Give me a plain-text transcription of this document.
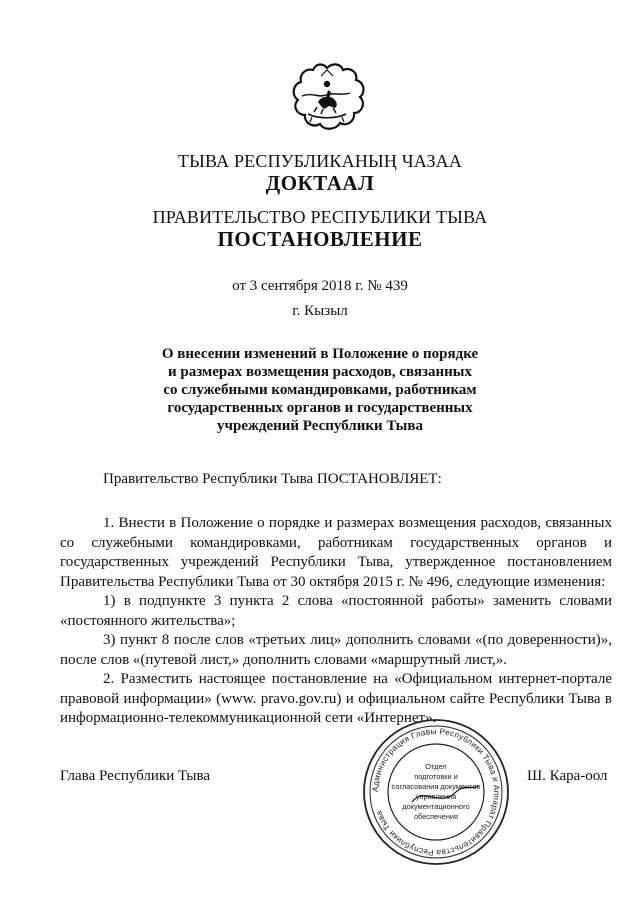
ТЫВА РЕСПУБЛИКАНЫҢ ЧАЗАА
ДОКТААЛ
ПРАВИТЕЛЬСТВО РЕСПУБЛИКИ ТЫВА
ПОСТАНОВЛЕНИЕ
от 3 сентября 2018 г. № 439
г. Кызыл
О внесении изменений в Положение о порядке
и размерах возмещения расходов, связанных
со служебными командировками, работникам
государственных органов и государственных
учреждений Республики Тыва
Правительство Республики Тыва ПОСТАНОВЛЯЕТ:

1. Внести в Положение о порядке и размерах возмещения расходов, связанных со служебными командировками, работникам государственных органов и государственных учреждений Республики Тыва, утвержденное постановлением Правительства Республики Тыва от 30 октября 2015 г. № 496, следующие изменения:

1) в подпункте 3 пункта 2 слова «постоянной работы» заменить словами «постоянного жительства»;

3) пункт 8 после слов «третьих лиц» дополнить словами «(по доверенности)», после слов «(путевой лист,» дополнить словами «маршрутный лист,».

2. Разместить настоящее постановление на «Официальном интернет-портале правовой информации» (www. pravo.gov.ru) и официальном сайте Республики Тыва в информационно-телекоммуникационной сети «Интернет».

Глава Республики Тыва
Администрация Главы Республики Тыва и Аппарат Правительства Республики Тыва
Отдел
подготовки и
согласования документов
управления
документационного
обеспечения
Ш. Кара-оол
